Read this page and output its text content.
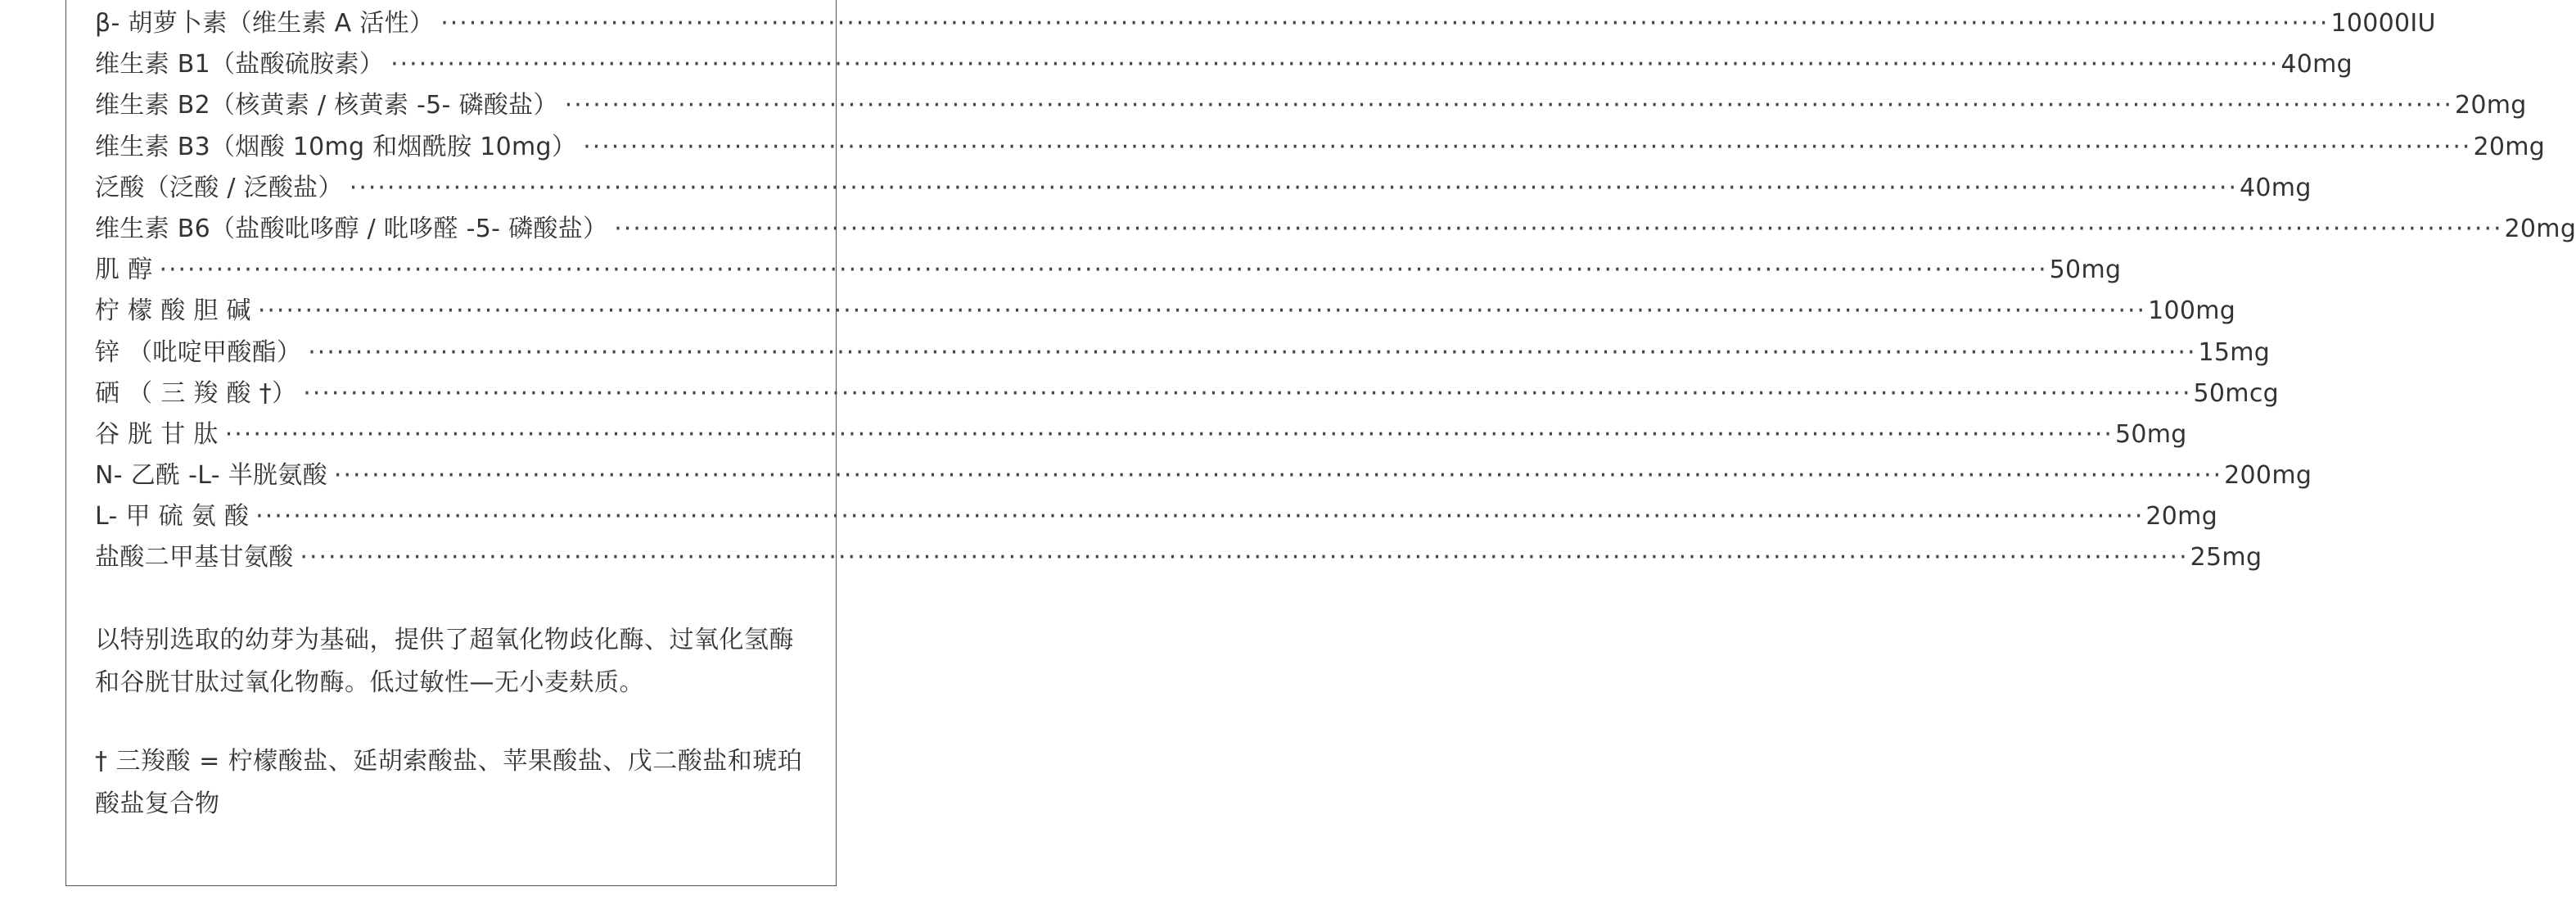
β- 胡萝卜素（维生素 A 活性） ········································································································································································································ 10000IU
维生素 B1（盐酸硫胺素） ········································································································································································································ 40mg
维生素 B2（核黄素 / 核黄素 -5- 磷酸盐） ········································································································································································································ 20mg
维生素 B3（烟酸 10mg 和烟酰胺 10mg） ········································································································································································································ 20mg
泛酸（泛酸 / 泛酸盐） ········································································································································································································ 40mg
维生素 B6（盐酸吡哆醇 / 吡哆醛 -5- 磷酸盐） ········································································································································································································ 20mg
肌 醇 ········································································································································································································ 50mg
柠 檬 酸 胆 碱 ········································································································································································································ 100mg
锌 （吡啶甲酸酯） ········································································································································································································ 15mg
硒 （ 三 羧 酸 †） ········································································································································································································ 50mcg
谷 胱 甘 肽 ········································································································································································································ 50mg
N- 乙酰 -L- 半胱氨酸 ········································································································································································································ 200mg
L- 甲 硫 氨 酸 ········································································································································································································ 20mg
盐酸二甲基甘氨酸 ········································································································································································································ 25mg

以特别选取的幼芽为基础，提供了超氧化物歧化酶、过氧化氢酶和谷胱甘肽过氧化物酶。低过敏性—无小麦麸质。

† 三羧酸 = 柠檬酸盐、延胡索酸盐、苹果酸盐、戊二酸盐和琥珀酸盐复合物
